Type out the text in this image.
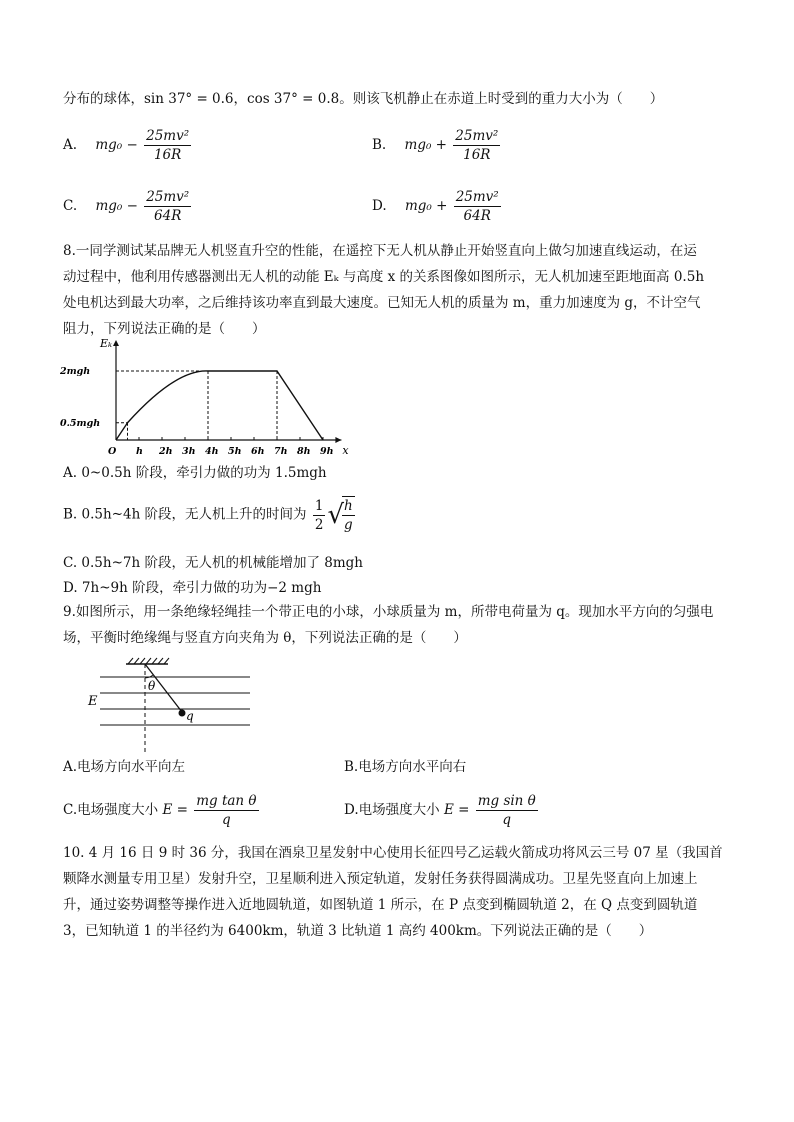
分布的球体，sin 37° = 0.6，cos 37° = 0.8。则该飞机静止在赤道上时受到的重力大小为（　　）
A. $mg_0 - \frac{\text{25mv²}}{16R}$	B. $mg_0 + \frac{\text{25mv²}}{16R}$
C. $mg_0 - \frac{\text{25mv²}}{64R}$	D. $mg_0 + \frac{\text{25mv²}}{64R}$
8.一同学测试某品牌无人机竖直升空的性能，在遥控下无人机从静止开始竖直向上做匀加速直线运动，在运
动过程中，他利用传感器测出无人机的动能 Eₖ 与高度 x 的关系图像如图所示，无人机加速至距地面高 0.5h
处电机达到最大功率，之后维持该功率直到最大速度。已知无人机的质量为 m，重力加速度为 g，不计空气
阻力，下列说法正确的是（　　）
Eₖ
x
O h 2h 3h 4h 5h 6h 7h 8h 9h
0.5mgh
2mgh
A. 0~0.5h 阶段，牵引力做的功为 1.5mgh
B. 0.5h~4h 阶段，无人机上升的时间为 $\frac{1}{2}$ √
$\frac{h}{g}$
C. 0.5h~7h 阶段，无人机的机械能增加了 8mgh
D. 7h~9h 阶段，牵引力做的功为−2 mgh
9.如图所示，用一条绝缘轻绳挂一个带正电的小球，小球质量为 m，所带电荷量为 q。现加水平方向的匀强电
场，平衡时绝缘绳与竖直方向夹角为 θ，下列说法正确的是（　　）
θ
E
q
A.电场方向水平向左	B.电场方向水平向右
C.电场强度大小 $E = \frac{\text{mg tan θ}}{q}$	D.电场强度大小 $E = \frac{\text{mg sin θ}}{q}$
10. 4 月 16 日 9 时 36 分，我国在酒泉卫星发射中心使用长征四号乙运载火箭成功将风云三号 07 星（我国首
颗降水测量专用卫星）发射升空，卫星顺利进入预定轨道，发射任务获得圆满成功。卫星先竖直向上加速上
升，通过姿势调整等操作进入近地圆轨道，如图轨道 1 所示，在 P 点变到椭圆轨道 2，在 Q 点变到圆轨道
3，已知轨道 1 的半径约为 6400km，轨道 3 比轨道 1 高约 400km。下列说法正确的是（　　）
